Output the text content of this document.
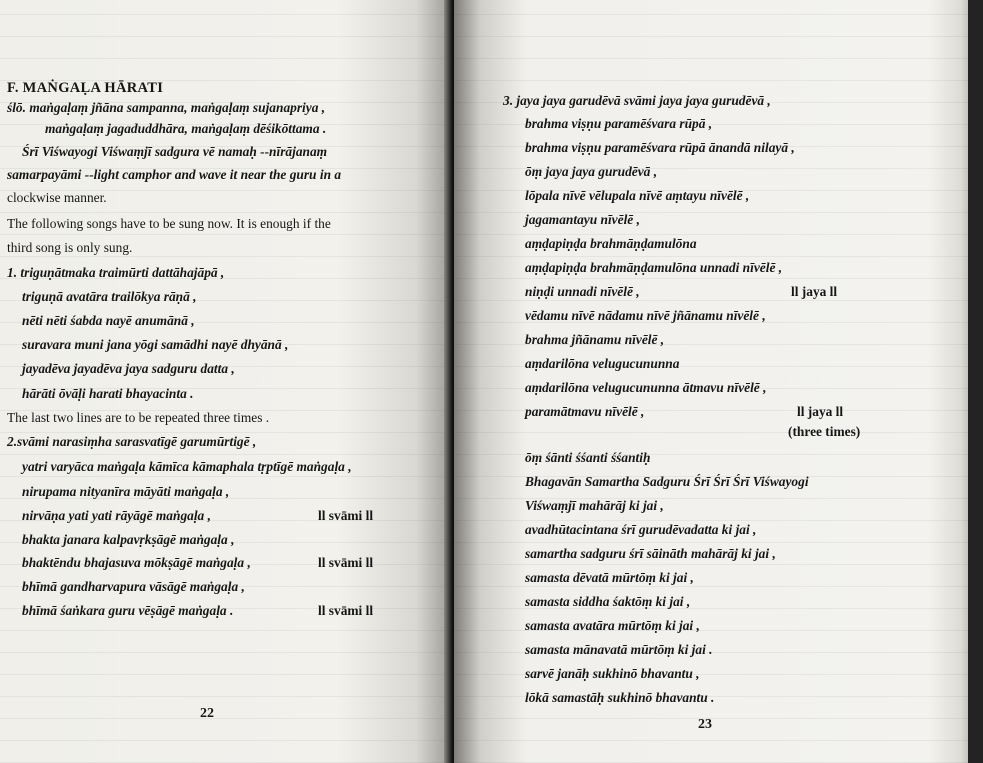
F. MAṄGAḶA HĀRATI
ślō. maṅgaḷaṃ jñāna sampanna, maṅgaḷaṃ sujanapriya ,
maṅgaḷaṃ jagaduddhāra, maṅgaḷaṃ dēśikōttama .
Śrī Viśwayogi Viśwaṃjī sadgura vē namaḥ --nīrājanaṃ
samarpayāmi --light camphor and wave it near the guru in a
clockwise manner.
The following songs have to be sung now. It is enough if the
third song is only sung.
1. triguṇātmaka traimūrti dattāhajāpā ,
triguṇā avatāra trailōkya rāṇā ,
nēti nēti śabda nayē anumānā ,
suravara muni jana yōgi samādhi nayē dhyānā ,
jayadēva jayadēva jaya sadguru datta ,
hārāti ōvāḷi harati bhayacinta .
The last two lines are to be repeated three times .
2.svāmi narasiṃha sarasvatīgē garumūrtigē ,
yatri varyāca maṅgaḷa kāmīca kāmaphala tṛptīgē maṅgaḷa ,
nirupama nityanīra māyāti maṅgaḷa ,
nirvāṇa yati yati rāyāgē maṅgaḷa ,
bhakta janara kalpavṛkṣāgē maṅgaḷa ,
bhaktēndu bhajasuva mōkṣāgē maṅgaḷa ,
bhīmā gandharvapura vāsāgē maṅgaḷa ,
bhīmā śaṅkara guru vēṣāgē maṅgaḷa .
ll svāmi ll
ll svāmi ll
ll svāmi ll
22
3. jaya jaya garudēvā svāmi jaya jaya gurudēvā ,
brahma viṣṇu paramēśvara rūpā ,
brahma viṣṇu paramēśvara rūpā ānandā nilayā ,
ōṃ jaya jaya gurudēvā ,
lōpala nīvē vēlupala nīvē aṃtayu nīvēlē ,
jagamantayu nīvēlē ,
aṃḍapiṇḍa brahmāṇḍamulōna
aṃḍapiṇḍa brahmāṇḍamulōna unnadi nīvēlē ,
niṇḍi unnadi nīvēlē ,
vēdamu nīvē nādamu nīvē jñānamu nīvēlē ,
brahma jñānamu nīvēlē ,
aṃdarilōna velugucununna
aṃdarilōna velugucununna ātmavu nīvēlē ,
paramātmavu nīvēlē ,
ll jaya ll
ll jaya ll
(three times)
ōṃ śānti śśanti śśantiḥ
Bhagavān Samartha Sadguru Śrī Śrī Śrī Viśwayogi
Viśwaṃjī mahārāj ki jai ,
avadhūtacintana śrī gurudēvadatta ki jai ,
samartha sadguru śrī sāināth mahārāj ki jai ,
samasta dēvatā mūrtōṃ ki jai ,
samasta siddha śaktōṃ ki jai ,
samasta avatāra mūrtōṃ ki jai ,
samasta mānavatā mūrtōṃ ki jai .
sarvē janāḥ sukhinō bhavantu ,
lōkā samastāḥ sukhinō bhavantu .
23
